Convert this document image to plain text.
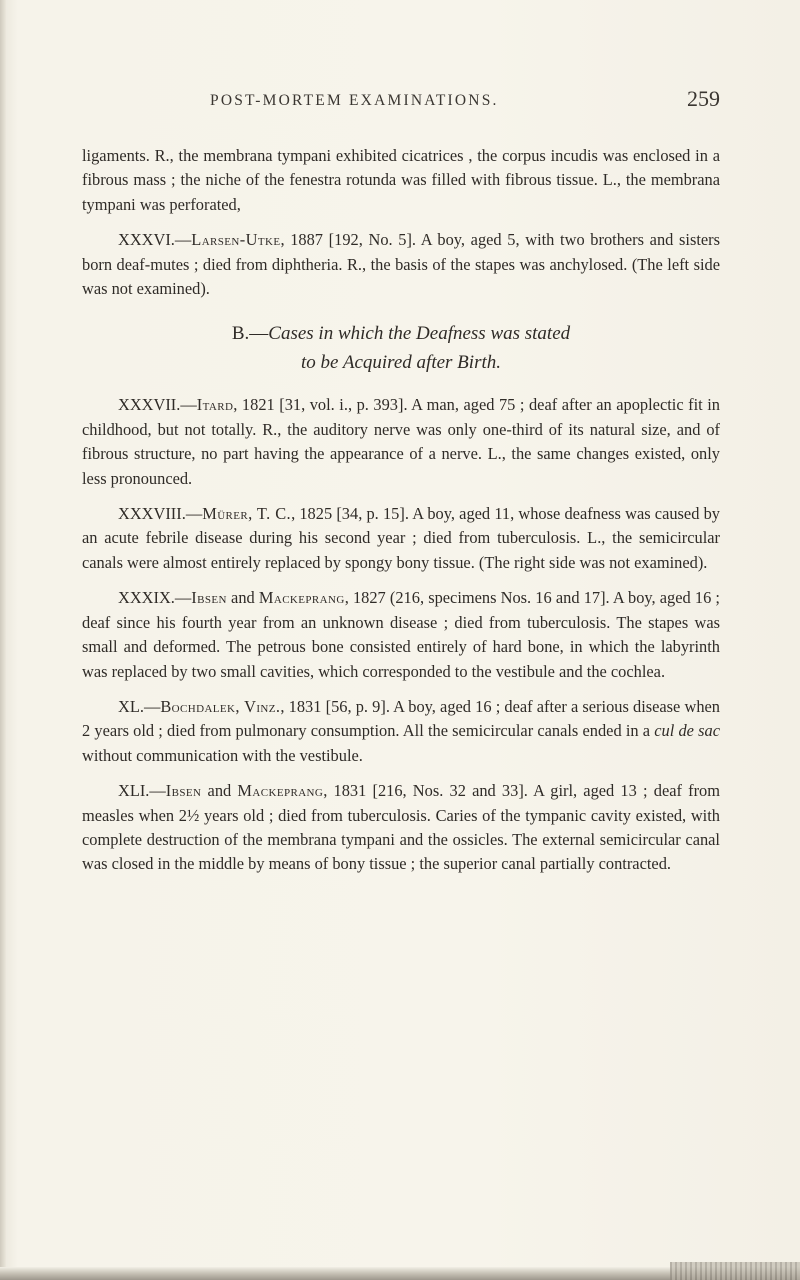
POST-MORTEM EXAMINATIONS.	259

ligaments. R., the membrana tympani exhibited cicatrices , the corpus incudis was enclosed in a fibrous mass ; the niche of the fenestra rotunda was filled with fibrous tissue. L., the membrana tympani was perforated,

XXXVI.—Larsen-Utke, 1887 [192, No. 5]. A boy, aged 5, with two brothers and sisters born deaf-mutes ; died from diphtheria. R., the basis of the stapes was anchylosed. (The left side was not examined).

B.—Cases in which the Deafness was stated
to be Acquired after Birth.

XXXVII.—Itard, 1821 [31, vol. i., p. 393]. A man, aged 75 ; deaf after an apoplectic fit in childhood, but not totally. R., the auditory nerve was only one-third of its natural size, and of fibrous structure, no part having the appearance of a nerve. L., the same changes existed, only less pronounced.

XXXVIII.—Mürer, T. C., 1825 [34, p. 15]. A boy, aged 11, whose deafness was caused by an acute febrile disease during his second year ; died from tuberculosis. L., the semicircular canals were almost entirely replaced by spongy bony tissue. (The right side was not examined).

XXXIX.—Ibsen and Mackeprang, 1827 (216, specimens Nos. 16 and 17]. A boy, aged 16 ; deaf since his fourth year from an unknown disease ; died from tuberculosis. The stapes was small and deformed. The petrous bone consisted entirely of hard bone, in which the labyrinth was replaced by two small cavities, which corresponded to the vestibule and the cochlea.

XL.—Bochdalek, Vinz., 1831 [56, p. 9]. A boy, aged 16 ; deaf after a serious disease when 2 years old ; died from pulmonary consumption. All the semicircular canals ended in a cul de sac without communication with the vestibule.

XLI.—Ibsen and Mackeprang, 1831 [216, Nos. 32 and 33]. A girl, aged 13 ; deaf from measles when 2½ years old ; died from tuberculosis. Caries of the tympanic cavity existed, with complete destruction of the membrana tympani and the ossicles. The external semicircular canal was closed in the middle by means of bony tissue ; the superior canal partially contracted.
